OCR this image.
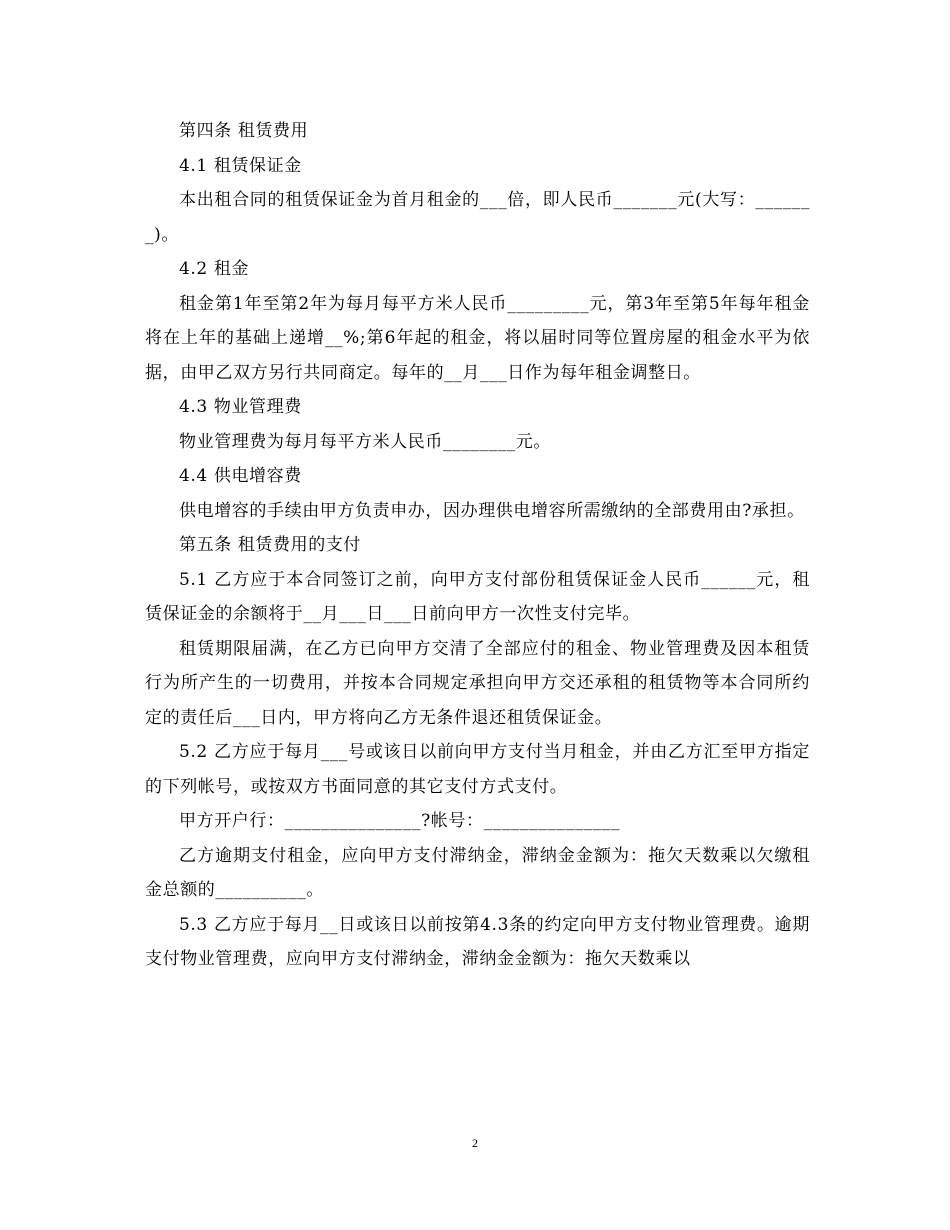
第四条 租赁费用

4.1 租赁保证金

本出租合同的租赁保证金为首月租金的___倍，即人民币_______元(大写：_______)。

4.2 租金

租金第1年至第2年为每月每平方米人民币_________元，第3年至第5年每年租金将在上年的基础上递增__%;第6年起的租金，将以届时同等位置房屋的租金水平为依据，由甲乙双方另行共同商定。每年的__月___日作为每年租金调整日。

4.3 物业管理费

物业管理费为每月每平方米人民币________元。

4.4 供电增容费

供电增容的手续由甲方负责申办，因办理供电增容所需缴纳的全部费用由?承担。

第五条 租赁费用的支付

5.1 乙方应于本合同签订之前，向甲方支付部份租赁保证金人民币______元，租赁保证金的余额将于__月___日___日前向甲方一次性支付完毕。

租赁期限届满，在乙方已向甲方交清了全部应付的租金、物业管理费及因本租赁行为所产生的一切费用，并按本合同规定承担向甲方交还承租的租赁物等本合同所约定的责任后___日内，甲方将向乙方无条件退还租赁保证金。

5.2 乙方应于每月___号或该日以前向甲方支付当月租金，并由乙方汇至甲方指定的下列帐号，或按双方书面同意的其它支付方式支付。

甲方开户行：_______________?帐号：_______________

乙方逾期支付租金，应向甲方支付滞纳金，滞纳金金额为：拖欠天数乘以欠缴租金总额的__________。

5.3 乙方应于每月__日或该日以前按第4.3条的约定向甲方支付物业管理费。逾期支付物业管理费，应向甲方支付滞纳金，滞纳金金额为：拖欠天数乘以

2
